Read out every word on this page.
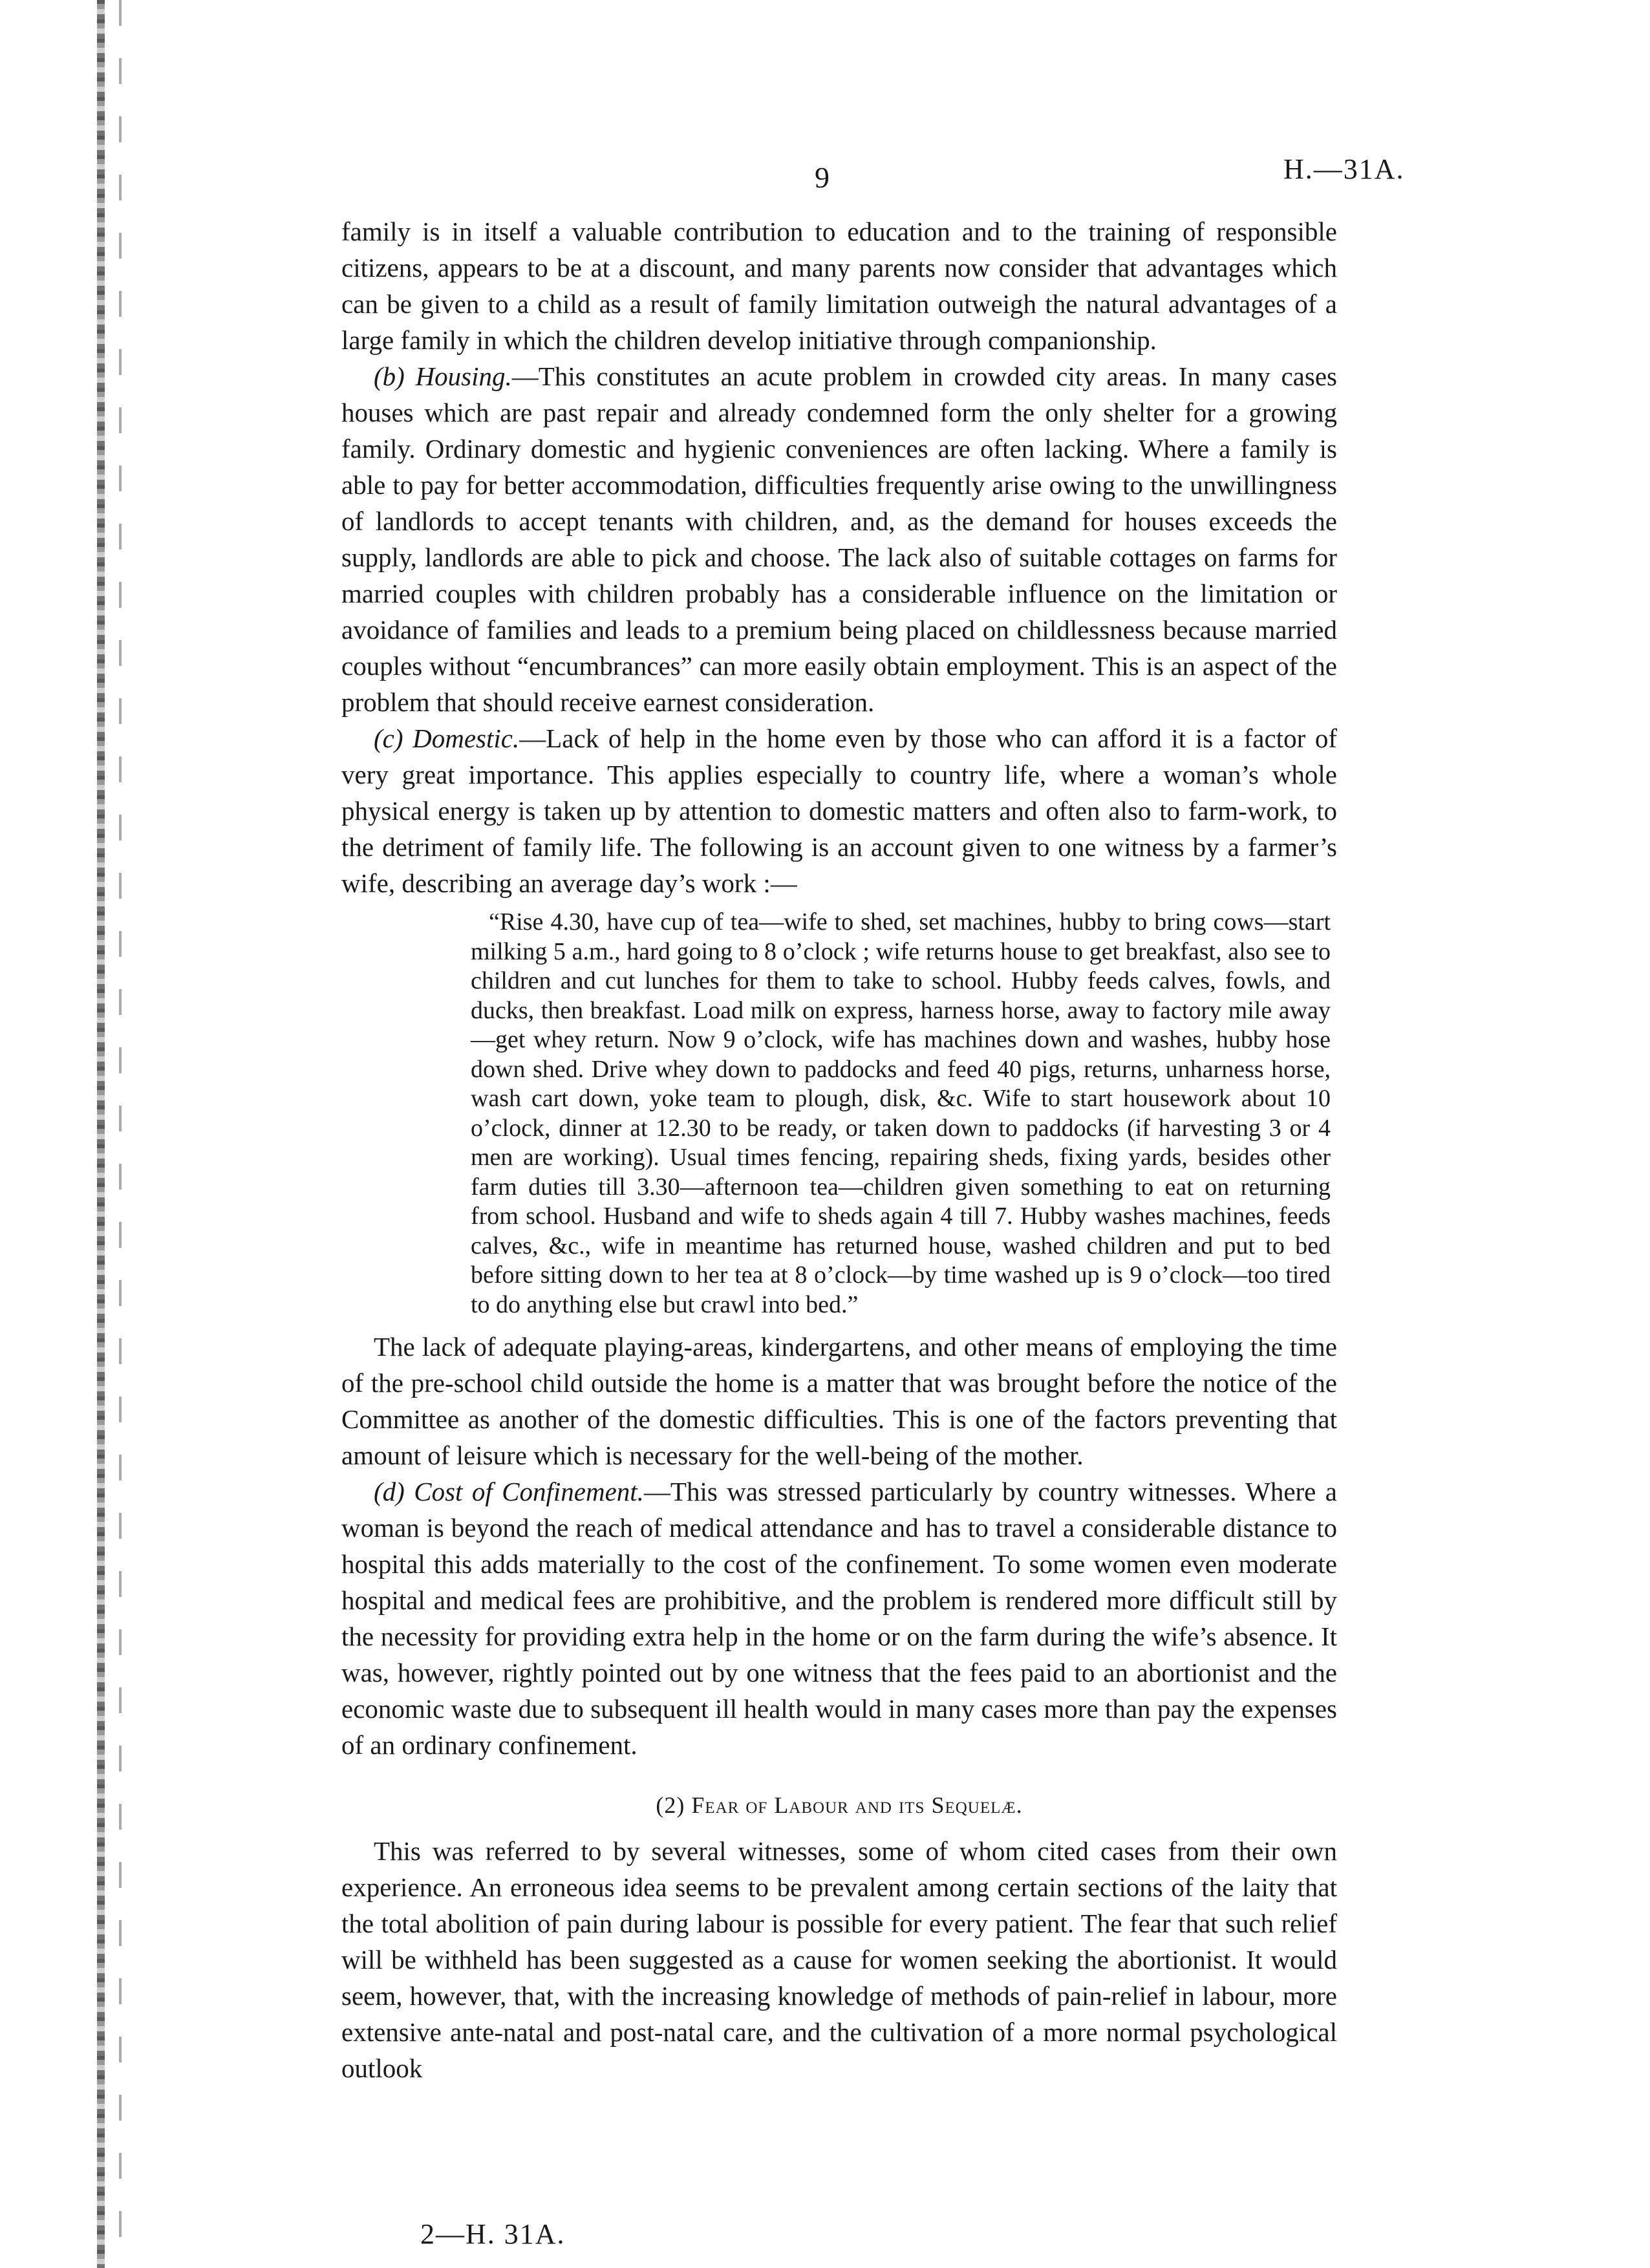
9	H.—31A.

family is in itself a valuable contribution to education and to the training of responsible citizens, appears to be at a discount, and many parents now consider that advantages which can be given to a child as a result of family limitation outweigh the natural advantages of a large family in which the children develop initiative through companionship.

(b) Housing.—This constitutes an acute problem in crowded city areas. In many cases houses which are past repair and already condemned form the only shelter for a growing family. Ordinary domestic and hygienic conveniences are often lacking. Where a family is able to pay for better accommodation, difficulties frequently arise owing to the unwillingness of landlords to accept tenants with children, and, as the demand for houses exceeds the supply, landlords are able to pick and choose. The lack also of suitable cottages on farms for married couples with children probably has a considerable influence on the limitation or avoidance of families and leads to a premium being placed on childlessness because married couples without “encumbrances” can more easily obtain employment. This is an aspect of the problem that should receive earnest consideration.

(c) Domestic.—Lack of help in the home even by those who can afford it is a factor of very great importance. This applies especially to country life, where a woman’s whole physical energy is taken up by attention to domestic matters and often also to farm-work, to the detriment of family life. The following is an account given to one witness by a farmer’s wife, describing an average day’s work :—

“Rise 4.30, have cup of tea—wife to shed, set machines, hubby to bring cows—start milking 5 a.m., hard going to 8 o’clock ; wife returns house to get breakfast, also see to children and cut lunches for them to take to school. Hubby feeds calves, fowls, and ducks, then breakfast. Load milk on express, harness horse, away to factory mile away—get whey return. Now 9 o’clock, wife has machines down and washes, hubby hose down shed. Drive whey down to paddocks and feed 40 pigs, returns, unharness horse, wash cart down, yoke team to plough, disk, &c. Wife to start housework about 10 o’clock, dinner at 12.30 to be ready, or taken down to paddocks (if harvesting 3 or 4 men are working). Usual times fencing, repairing sheds, fixing yards, besides other farm duties till 3.30—afternoon tea—children given something to eat on returning from school. Husband and wife to sheds again 4 till 7. Hubby washes machines, feeds calves, &c., wife in meantime has returned house, washed children and put to bed before sitting down to her tea at 8 o’clock—by time washed up is 9 o’clock—too tired to do anything else but crawl into bed.”

The lack of adequate playing-areas, kindergartens, and other means of employing the time of the pre-school child outside the home is a matter that was brought before the notice of the Committee as another of the domestic difficulties. This is one of the factors preventing that amount of leisure which is necessary for the well-being of the mother.

(d) Cost of Confinement.—This was stressed particularly by country witnesses. Where a woman is beyond the reach of medical attendance and has to travel a considerable distance to hospital this adds materially to the cost of the confinement. To some women even moderate hospital and medical fees are prohibitive, and the problem is rendered more difficult still by the necessity for providing extra help in the home or on the farm during the wife’s absence. It was, however, rightly pointed out by one witness that the fees paid to an abortionist and the economic waste due to subsequent ill health would in many cases more than pay the expenses of an ordinary confinement.

(2) Fear of Labour and its Sequelæ.

This was referred to by several witnesses, some of whom cited cases from their own experience. An erroneous idea seems to be prevalent among certain sections of the laity that the total abolition of pain during labour is possible for every patient. The fear that such relief will be withheld has been suggested as a cause for women seeking the abortionist. It would seem, however, that, with the increasing knowledge of methods of pain-relief in labour, more extensive ante-natal and post-natal care, and the cultivation of a more normal psychological outlook

2—H. 31A.
